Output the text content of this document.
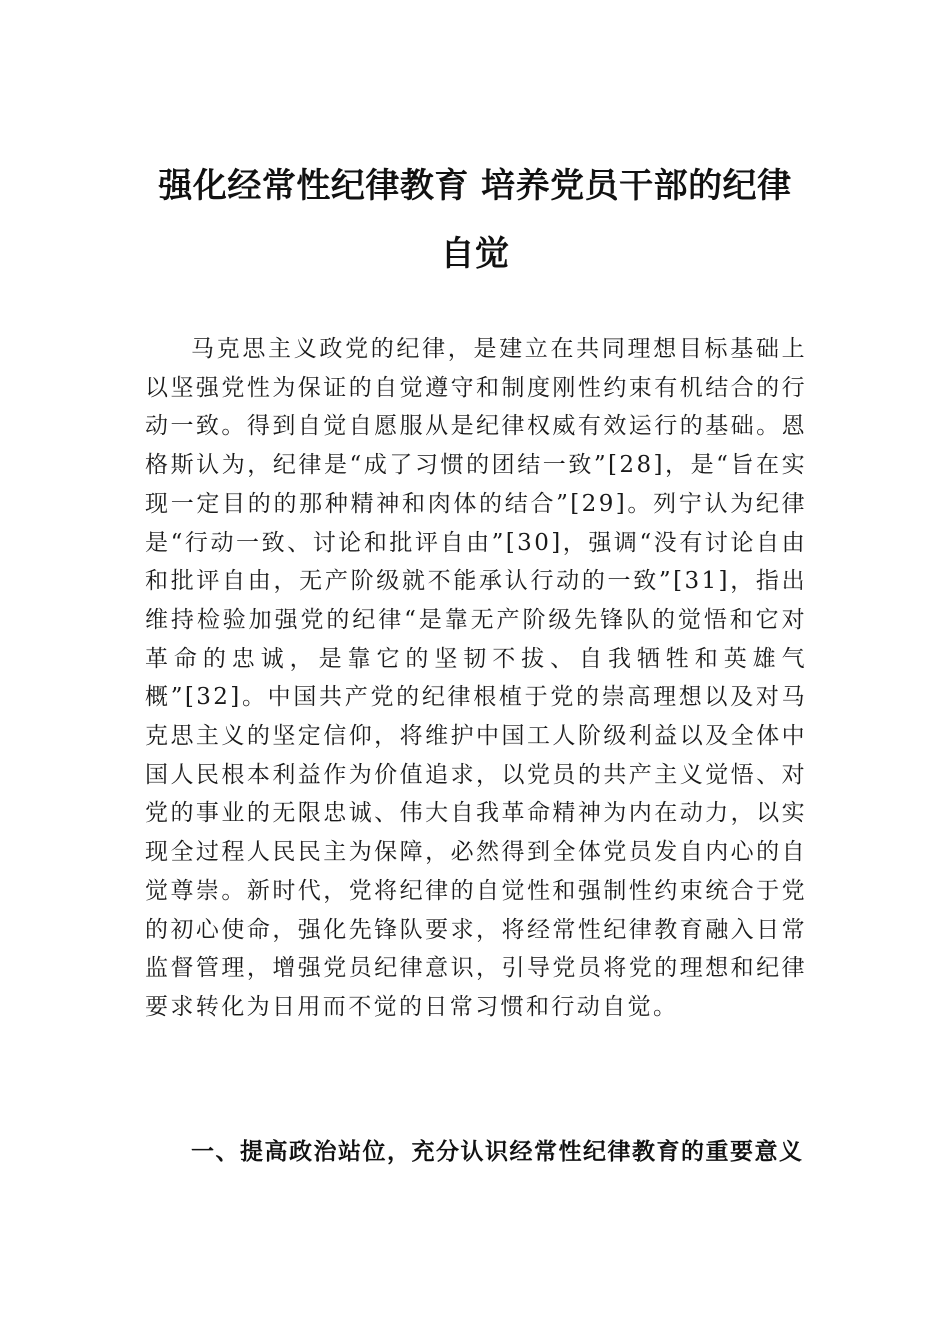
强化经常性纪律教育 培养党员干部的纪律自觉

马克思主义政党的纪律，是建立在共同理想目标基础上以坚强党性为保证的自觉遵守和制度刚性约束有机结合的行动一致。得到自觉自愿服从是纪律权威有效运行的基础。恩格斯认为，纪律是“成了习惯的团结一致”[28]，是“旨在实现一定目的的那种精神和肉体的结合”[29]。列宁认为纪律是“行动一致、讨论和批评自由”[30]，强调“没有讨论自由和批评自由，无产阶级就不能承认行动的一致”[31]，指出维持检验加强党的纪律“是靠无产阶级先锋队的觉悟和它对革命的忠诚，是靠它的坚韧不拔、自我牺牲和英雄气概”[32]。中国共产党的纪律根植于党的崇高理想以及对马克思主义的坚定信仰，将维护中国工人阶级利益以及全体中国人民根本利益作为价值追求，以党员的共产主义觉悟、对党的事业的无限忠诚、伟大自我革命精神为内在动力，以实现全过程人民民主为保障，必然得到全体党员发自内心的自觉尊崇。新时代，党将纪律的自觉性和强制性约束统合于党的初心使命，强化先锋队要求，将经常性纪律教育融入日常监督管理，增强党员纪律意识，引导党员将党的理想和纪律要求转化为日用而不觉的日常习惯和行动自觉。

一、提高政治站位，充分认识经常性纪律教育的重要意义
